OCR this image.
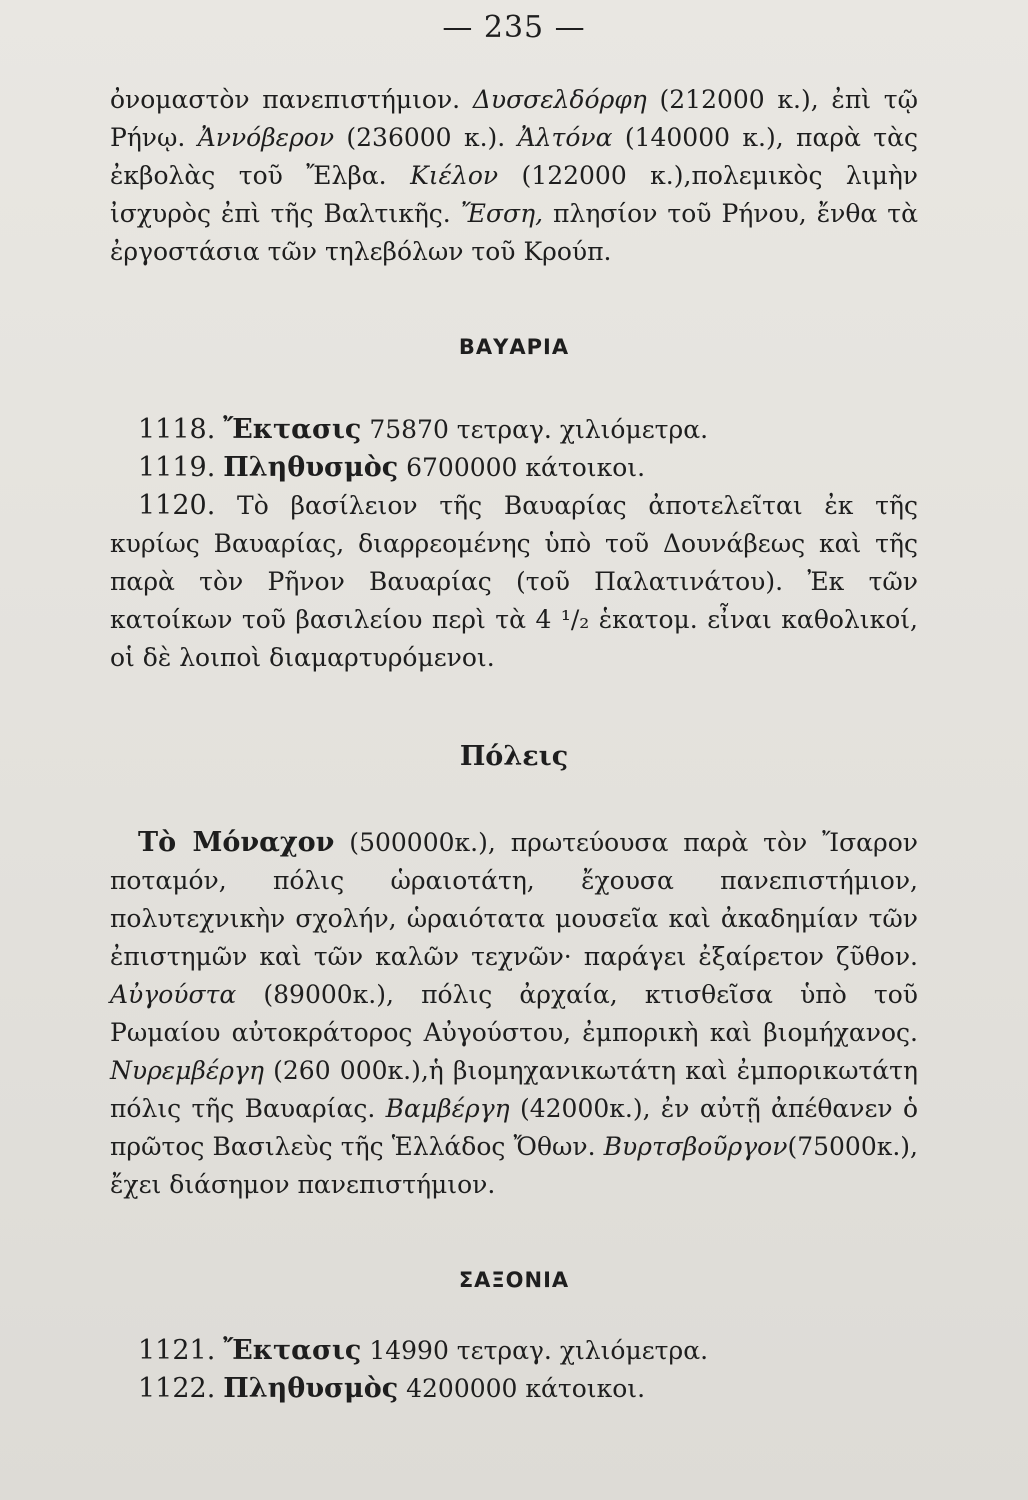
— 235 —

ὀνομαστὸν πανεπιστήμιον. Δυσσελδόρφη (212000 κ.), ἐπὶ τῷ Ρήνῳ. Ἀννόβερον (236000 κ.). Ἀλτόνα (140000 κ.), παρὰ τὰς ἐκβολὰς τοῦ Ἔλβα. Κιέλον (122000 κ.),πολεμικὸς λιμὴν ἰσχυρὸς ἐπὶ τῆς Βαλτικῆς. Ἔσση, πλησίον τοῦ Ρήνου, ἔνθα τὰ ἐργοστάσια τῶν τηλεβόλων τοῦ Κρούπ.

ΒΑΥΑΡΙΑ

1118. Ἔκτασις 75870 τετραγ. χιλιόμετρα.

1119. Πληθυσμὸς 6700000 κάτοικοι.

1120. Τὸ βασίλειον τῆς Βαυαρίας ἀποτελεῖται ἐκ τῆς κυρίως Βαυαρίας, διαρρεομένης ὑπὸ τοῦ Δουνάβεως καὶ τῆς παρὰ τὸν Ρῆνον Βαυαρίας (τοῦ Παλατινάτου). Ἐκ τῶν κατοίκων τοῦ βασιλείου περὶ τὰ 4 ¹/₂ ἑκατομ. εἶναι καθολικοί, οἱ δὲ λοιποὶ διαμαρτυρόμενοι.

Πόλεις

Τὸ Μόναχον (500000κ.), πρωτεύουσα παρὰ τὸν Ἴσαρον ποταμόν, πόλις ὡραιοτάτη, ἔχουσα πανεπιστήμιον, πολυτεχνικὴν σχολήν, ὡραιότατα μουσεῖα καὶ ἀκαδημίαν τῶν ἐπιστημῶν καὶ τῶν καλῶν τεχνῶν· παράγει ἐξαίρετον ζῦθον. Αὐγούστα (89000κ.), πόλις ἀρχαία, κτισθεῖσα ὑπὸ τοῦ Ρωμαίου αὐτοκράτορος Αὐγούστου, ἐμπορικὴ καὶ βιομήχανος. Νυρεμβέργη (260 000κ.),ἡ βιομηχανικωτάτη καὶ ἐμπορικωτάτη πόλις τῆς Βαυαρίας. Βαμβέργη (42000κ.), ἐν αὐτῇ ἀπέθανεν ὁ πρῶτος Βασιλεὺς τῆς Ἑλλάδος Ὄθων. Βυρτσβοῦργον(75000κ.), ἔχει διάσημον πανεπιστήμιον.

ΣΑΞΟΝΙΑ

1121. Ἔκτασις 14990 τετραγ. χιλιόμετρα.

1122. Πληθυσμὸς 4200000 κάτοικοι.
